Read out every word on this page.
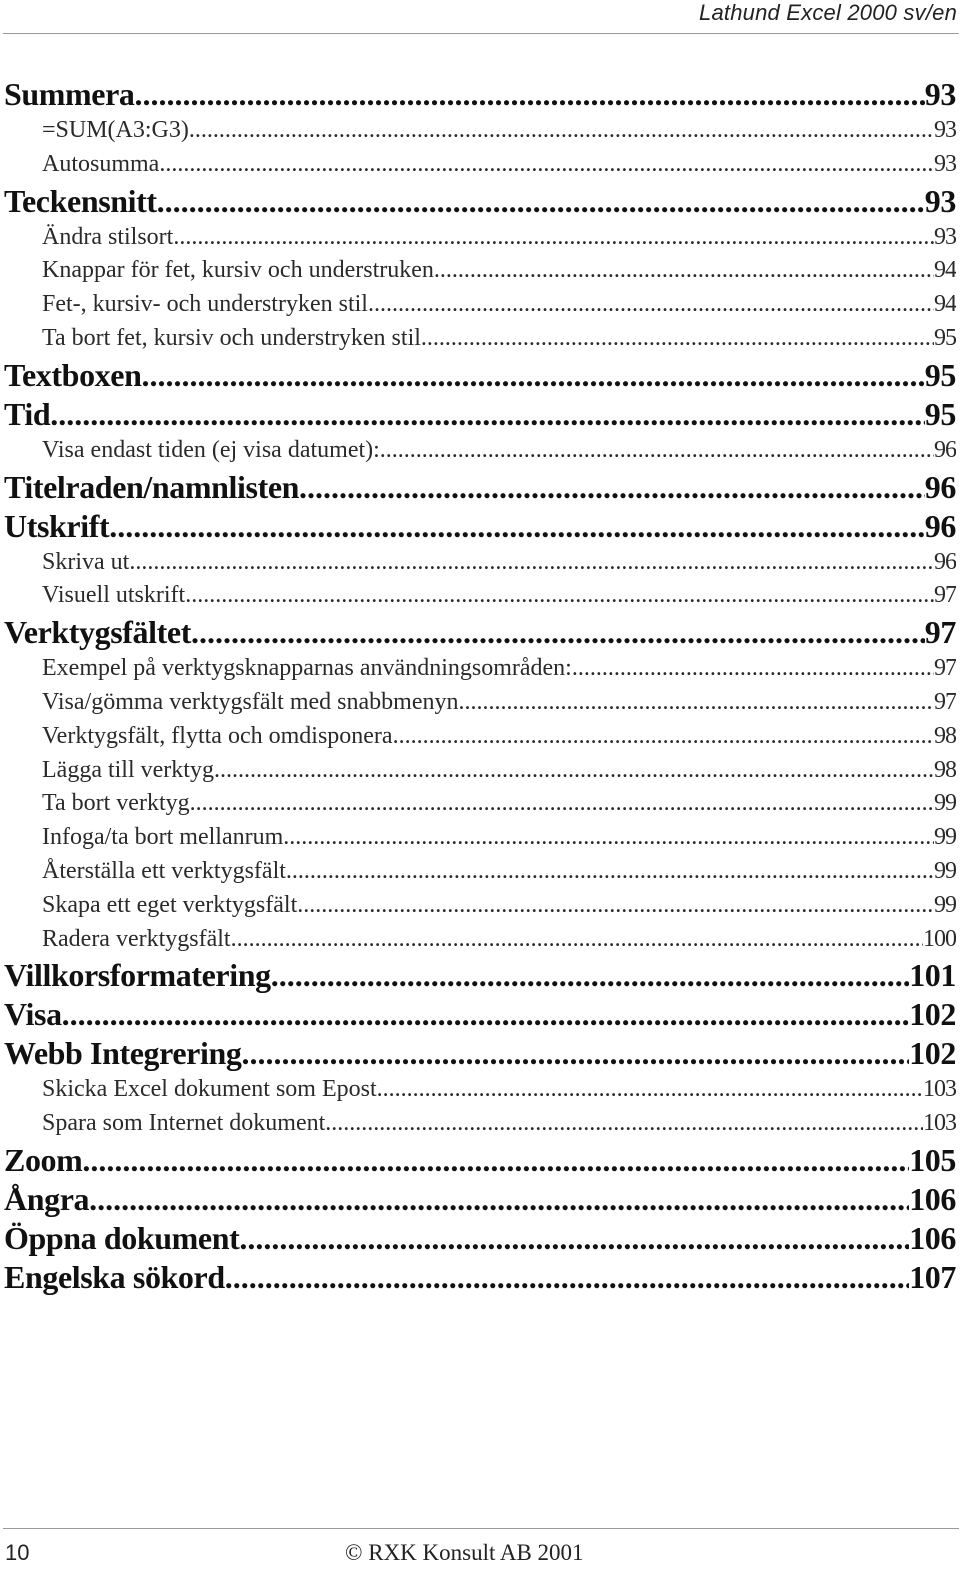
Lathund Excel 2000 sv/en
Summera .....	93
=SUM(A3:G3) .....	93
Autosumma .....	93
Teckensnitt .....	93
Ändra stilsort .....	93
Knappar för fet, kursiv och understruken .....	94
Fet-, kursiv- och understryken stil .....	94
Ta bort fet, kursiv och understryken stil .....	95
Textboxen .....	95
Tid .....	95
Visa endast tiden (ej visa datumet): .....	96
Titelraden/namnlisten .....	96
Utskrift .....	96
Skriva ut .....	96
Visuell utskrift .....	97
Verktygsfältet .....	97
Exempel på verktygsknapparnas användningsområden: .....	97
Visa/gömma verktygsfält med snabbmenyn .....	97
Verktygsfält, flytta och omdisponera .....	98
Lägga till verktyg .....	98
Ta bort verktyg .....	99
Infoga/ta bort mellanrum .....	99
Återställa ett verktygsfält .....	99
Skapa ett eget verktygsfält .....	99
Radera verktygsfält .....	100
Villkorsformatering .....	101
Visa .....	102
Webb Integrering .....	102
Skicka Excel dokument som Epost .....	103
Spara som Internet dokument .....	103
Zoom .....	105
Ångra .....	106
Öppna dokument .....	106
Engelska sökord .....	107
10	© RXK Konsult AB 2001
